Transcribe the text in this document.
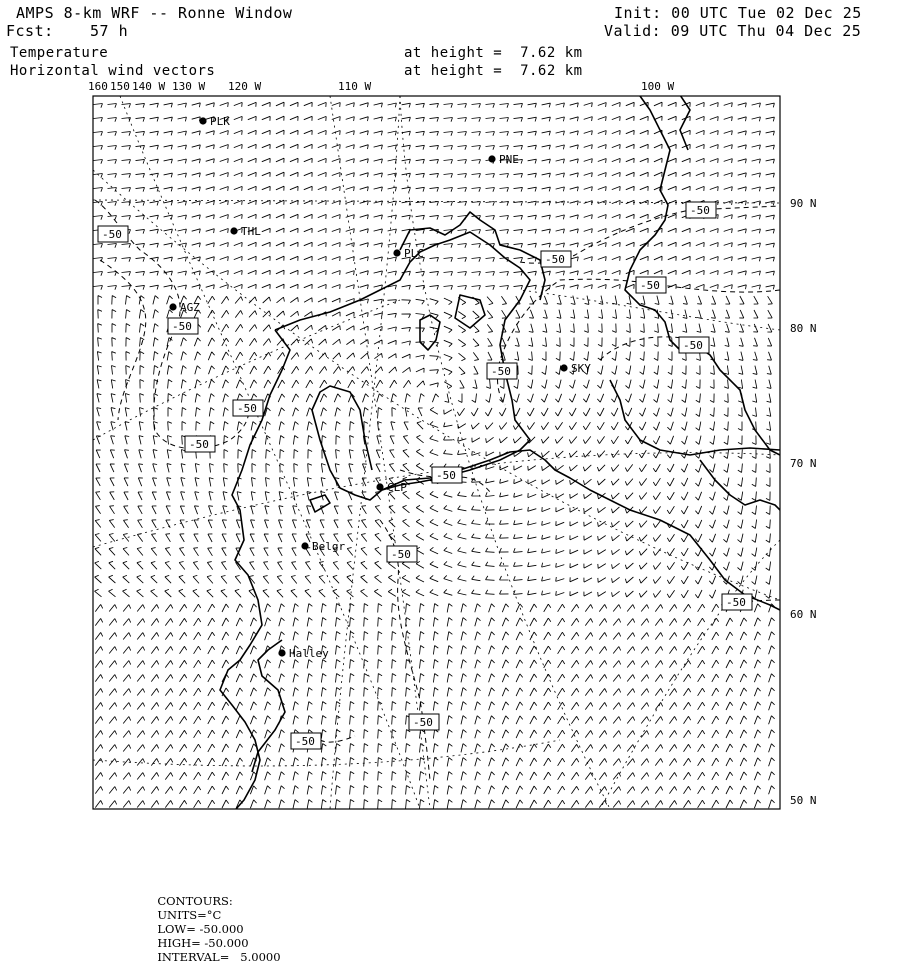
AMPS 8-km WRF -- Ronne Window
Fcst: 57 h
Init: 00 UTC Tue 02 Dec 25
Valid: 09 UTC Thu 04 Dec 25
Temperature
Horizontal wind vectors
at height =  7.62 km
at height =  7.62 km
-50
-50
-50
-50
-50
-50
-50
-50
-50
-50
-50
-50
-50
-50
PLK
PNE
THL
PLC
AGZ
SKY
CLP
Belgr
Halley
160 150 140 W 130 W 120 W	110 W	100 W
90 N
80 N
70 N
60 N
50 N

CONTOURS:
UNITS=°C
LOW= -50.000
HIGH= -50.000
INTERVAL=   5.0000
